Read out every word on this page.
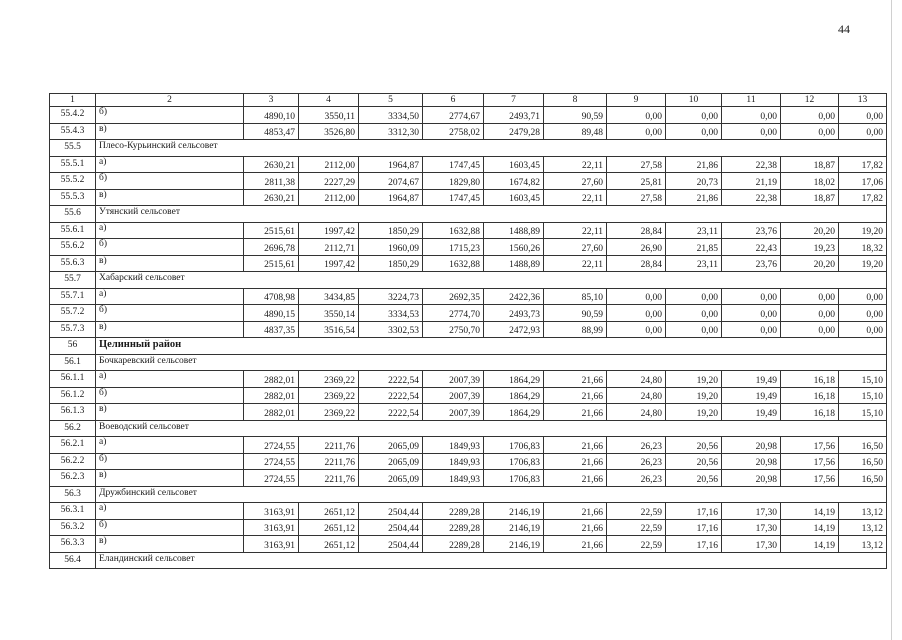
44
1	2	3	4	5	6	7	8	9	10	11	12	13
55.4.2	б)	4890,10	3550,11	3334,50	2774,67	2493,71	90,59	0,00	0,00	0,00	0,00	0,00
55.4.3	в)	4853,47	3526,80	3312,30	2758,02	2479,28	89,48	0,00	0,00	0,00	0,00	0,00
55.5	Плесо-Курьинский сельсовет											
55.5.1	а)	2630,21	2112,00	1964,87	1747,45	1603,45	22,11	27,58	21,86	22,38	18,87	17,82
55.5.2	б)	2811,38	2227,29	2074,67	1829,80	1674,82	27,60	25,81	20,73	21,19	18,02	17,06
55.5.3	в)	2630,21	2112,00	1964,87	1747,45	1603,45	22,11	27,58	21,86	22,38	18,87	17,82
55.6	Утянский сельсовет											
55.6.1	а)	2515,61	1997,42	1850,29	1632,88	1488,89	22,11	28,84	23,11	23,76	20,20	19,20
55.6.2	б)	2696,78	2112,71	1960,09	1715,23	1560,26	27,60	26,90	21,85	22,43	19,23	18,32
55.6.3	в)	2515,61	1997,42	1850,29	1632,88	1488,89	22,11	28,84	23,11	23,76	20,20	19,20
55.7	Хабарский сельсовет											
55.7.1	а)	4708,98	3434,85	3224,73	2692,35	2422,36	85,10	0,00	0,00	0,00	0,00	0,00
55.7.2	б)	4890,15	3550,14	3334,53	2774,70	2493,73	90,59	0,00	0,00	0,00	0,00	0,00
55.7.3	в)	4837,35	3516,54	3302,53	2750,70	2472,93	88,99	0,00	0,00	0,00	0,00	0,00
56	Целинный район											
56.1	Бочкаревский сельсовет											
56.1.1	а)	2882,01	2369,22	2222,54	2007,39	1864,29	21,66	24,80	19,20	19,49	16,18	15,10
56.1.2	б)	2882,01	2369,22	2222,54	2007,39	1864,29	21,66	24,80	19,20	19,49	16,18	15,10
56.1.3	в)	2882,01	2369,22	2222,54	2007,39	1864,29	21,66	24,80	19,20	19,49	16,18	15,10
56.2	Воеводский сельсовет											
56.2.1	а)	2724,55	2211,76	2065,09	1849,93	1706,83	21,66	26,23	20,56	20,98	17,56	16,50
56.2.2	б)	2724,55	2211,76	2065,09	1849,93	1706,83	21,66	26,23	20,56	20,98	17,56	16,50
56.2.3	в)	2724,55	2211,76	2065,09	1849,93	1706,83	21,66	26,23	20,56	20,98	17,56	16,50
56.3	Дружбинский сельсовет											
56.3.1	а)	3163,91	2651,12	2504,44	2289,28	2146,19	21,66	22,59	17,16	17,30	14,19	13,12
56.3.2	б)	3163,91	2651,12	2504,44	2289,28	2146,19	21,66	22,59	17,16	17,30	14,19	13,12
56.3.3	в)	3163,91	2651,12	2504,44	2289,28	2146,19	21,66	22,59	17,16	17,30	14,19	13,12
56.4	Еландинский сельсовет											
